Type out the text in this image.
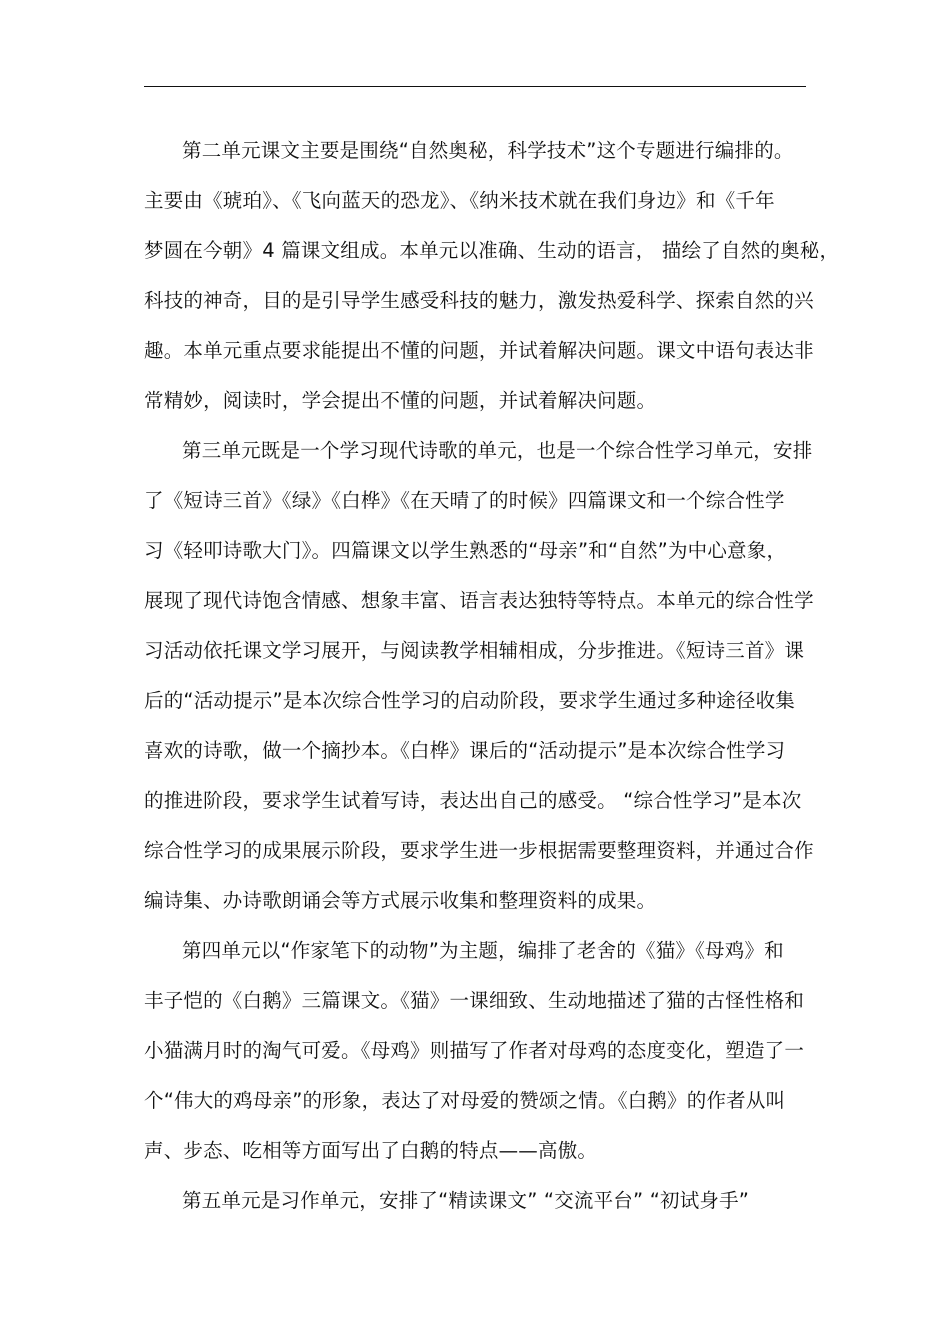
第二单元课文主要是围绕“自然奥秘，科学技术”这个专题进行编排的。
主要由《琥珀》、《飞向蓝天的恐龙》、《纳米技术就在我们身边》和《千年
梦圆在今朝》4 篇课文组成。本单元以准确、生动的语言， 描绘了自然的奥秘，
科技的神奇，目的是引导学生感受科技的魅力，激发热爱科学、探索自然的兴
趣。本单元重点要求能提出不懂的问题，并试着解决问题。课文中语句表达非
常精妙，阅读时，学会提出不懂的问题，并试着解决问题。

第三单元既是一个学习现代诗歌的单元，也是一个综合性学习单元，安排
了《短诗三首》《绿》《白桦》《在天晴了的时候》四篇课文和一个综合性学
习《轻叩诗歌大门》。四篇课文以学生熟悉的“母亲”和“自然”为中心意象，
展现了现代诗饱含情感、想象丰富、语言表达独特等特点。本单元的综合性学
习活动依托课文学习展开，与阅读教学相辅相成，分步推进。《短诗三首》课
后的“活动提示”是本次综合性学习的启动阶段，要求学生通过多种途径收集
喜欢的诗歌，做一个摘抄本。《白桦》课后的“活动提示”是本次综合性学习
的推进阶段，要求学生试着写诗，表达出自己的感受。 “综合性学习”是本次
综合性学习的成果展示阶段，要求学生进一步根据需要整理资料，并通过合作
编诗集、办诗歌朗诵会等方式展示收集和整理资料的成果。

第四单元以“作家笔下的动物”为主题，编排了老舍的《猫》《母鸡》和
丰子恺的《白鹅》三篇课文。《猫》一课细致、生动地描述了猫的古怪性格和
小猫满月时的淘气可爱。《母鸡》则描写了作者对母鸡的态度变化，塑造了一
个“伟大的鸡母亲”的形象，表达了对母爱的赞颂之情。《白鹅》的作者从叫
声、步态、吃相等方面写出了白鹅的特点——高傲。

第五单元是习作单元，安排了“精读课文” “交流平台” “初试身手”
